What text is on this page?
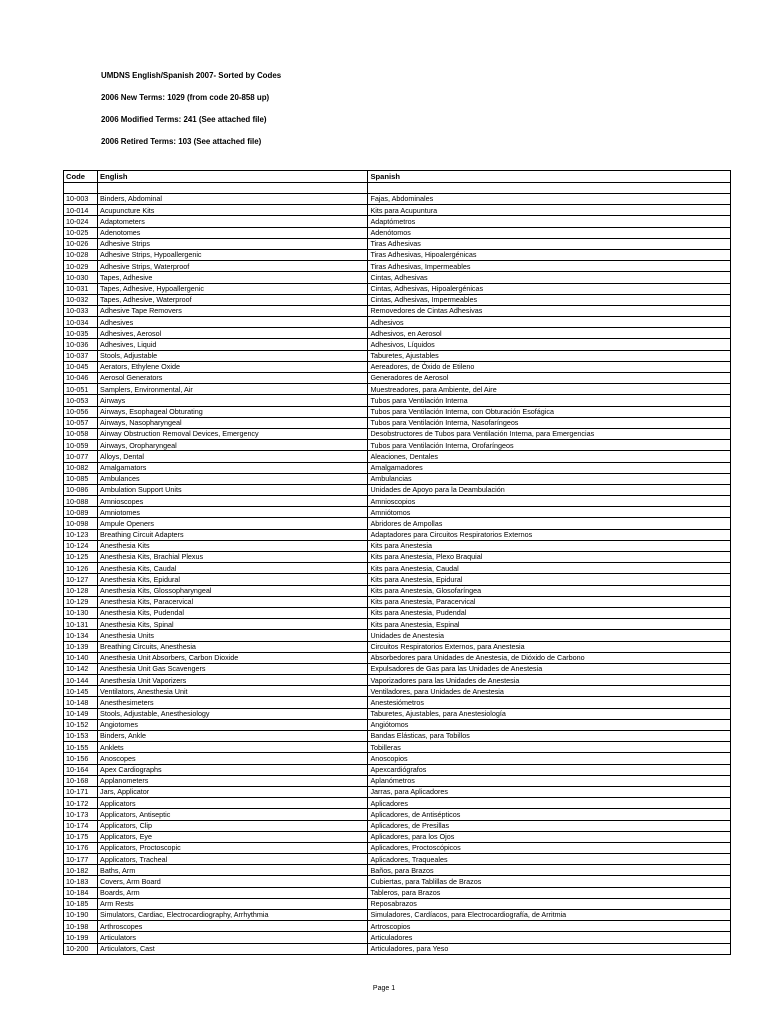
UMDNS English/Spanish 2007- Sorted by Codes
2006 New Terms: 1029 (from code 20-858 up)
2006 Modified Terms: 241 (See attached file)
2006 Retired Terms: 103 (See attached file)
Code	English	Spanish

10-003	Binders, Abdominal	Fajas, Abdominales
10-014	Acupuncture Kits	Kits para Acupuntura
10-024	Adaptometers	Adaptómetros
10-025	Adenotomes	Adenótomos
10-026	Adhesive Strips	Tiras Adhesivas
10-028	Adhesive Strips, Hypoallergenic	Tiras Adhesivas, Hipoalergénicas
10-029	Adhesive Strips, Waterproof	Tiras Adhesivas, Impermeables
10-030	Tapes, Adhesive	Cintas, Adhesivas
10-031	Tapes, Adhesive, Hypoallergenic	Cintas, Adhesivas, Hipoalergénicas
10-032	Tapes, Adhesive, Waterproof	Cintas, Adhesivas, Impermeables
10-033	Adhesive Tape Removers	Removedores de Cintas Adhesivas
10-034	Adhesives	Adhesivos
10-035	Adhesives, Aerosol	Adhesivos, en Aerosol
10-036	Adhesives, Liquid	Adhesivos, Líquidos
10-037	Stools, Adjustable	Taburetes, Ajustables
10-045	Aerators, Ethylene Oxide	Aereadores, de Óxido de Etileno
10-046	Aerosol Generators	Generadores de Aerosol
10-051	Samplers, Environmental, Air	Muestreadores, para Ambiente, del Aire
10-053	Airways	Tubos para Ventilación Interna
10-056	Airways, Esophageal Obturating	Tubos para Ventilación Interna, con Obturación Esofágica
10-057	Airways, Nasopharyngeal	Tubos para Ventilación Interna, Nasofaríngeos
10-058	Airway Obstruction Removal Devices, Emergency	Desobstructores de Tubos para Ventilación Interna, para Emergencias
10-059	Airways, Oropharyngeal	Tubos para Ventilación Interna, Orofaríngeos
10-077	Alloys, Dental	Aleaciones, Dentales
10-082	Amalgamators	Amalgamadores
10-085	Ambulances	Ambulancias
10-086	Ambulation Support Units	Unidades de Apoyo para la Deambulación
10-088	Amnioscopes	Amnioscopios
10-089	Amniotomes	Amniótomos
10-098	Ampule Openers	Abridores de Ampollas
10-123	Breathing Circuit Adapters	Adaptadores para Circuitos Respiratorios Externos
10-124	Anesthesia Kits	Kits para Anestesia
10-125	Anesthesia Kits, Brachial Plexus	Kits para Anestesia, Plexo Braquial
10-126	Anesthesia Kits, Caudal	Kits para Anestesia, Caudal
10-127	Anesthesia Kits, Epidural	Kits para Anestesia, Epidural
10-128	Anesthesia Kits, Glossopharyngeal	Kits para Anestesia, Glosofaríngea
10-129	Anesthesia Kits, Paracervical	Kits para Anestesia, Paracervical
10-130	Anesthesia Kits, Pudendal	Kits para Anestesia, Pudendal
10-131	Anesthesia Kits, Spinal	Kits para Anestesia, Espinal
10-134	Anesthesia Units	Unidades de Anestesia
10-139	Breathing Circuits, Anesthesia	Circuitos Respiratorios Externos, para Anestesia
10-140	Anesthesia Unit Absorbers, Carbon Dioxide	Absorbedores para Unidades de Anestesia, de Dióxido de Carbono
10-142	Anesthesia Unit Gas Scavengers	Expulsadores de Gas para las Unidades de Anestesia
10-144	Anesthesia Unit Vaporizers	Vaporizadores para las Unidades de Anestesia
10-145	Ventilators, Anesthesia Unit	Ventiladores, para Unidades de Anestesia
10-148	Anesthesimeters	Anestesiómetros
10-149	Stools, Adjustable, Anesthesiology	Taburetes, Ajustables, para Anestesiología
10-152	Angiotomes	Angiótomos
10-153	Binders, Ankle	Bandas Elásticas, para Tobillos
10-155	Anklets	Tobilleras
10-156	Anoscopes	Anoscopios
10-164	Apex Cardiographs	Apexcardiógrafos
10-168	Applanometers	Aplanómetros
10-171	Jars, Applicator	Jarras, para Aplicadores
10-172	Applicators	Aplicadores
10-173	Applicators, Antiseptic	Aplicadores, de Antisépticos
10-174	Applicators, Clip	Aplicadores, de Presillas
10-175	Applicators, Eye	Aplicadores, para los Ojos
10-176	Applicators, Proctoscopic	Aplicadores, Proctoscópicos
10-177	Applicators, Tracheal	Aplicadores, Traqueales
10-182	Baths, Arm	Baños, para Brazos
10-183	Covers, Arm Board	Cubiertas, para Tablillas de Brazos
10-184	Boards, Arm	Tableros, para Brazos
10-185	Arm Rests	Reposabrazos
10-190	Simulators, Cardiac, Electrocardiography, Arrhythmia	Simuladores, Cardíacos, para Electrocardiografía, de Arritmia
10-198	Arthroscopes	Artroscopios
10-199	Articulators	Articuladores
10-200	Articulators, Cast	Articuladores, para Yeso
Page 1
